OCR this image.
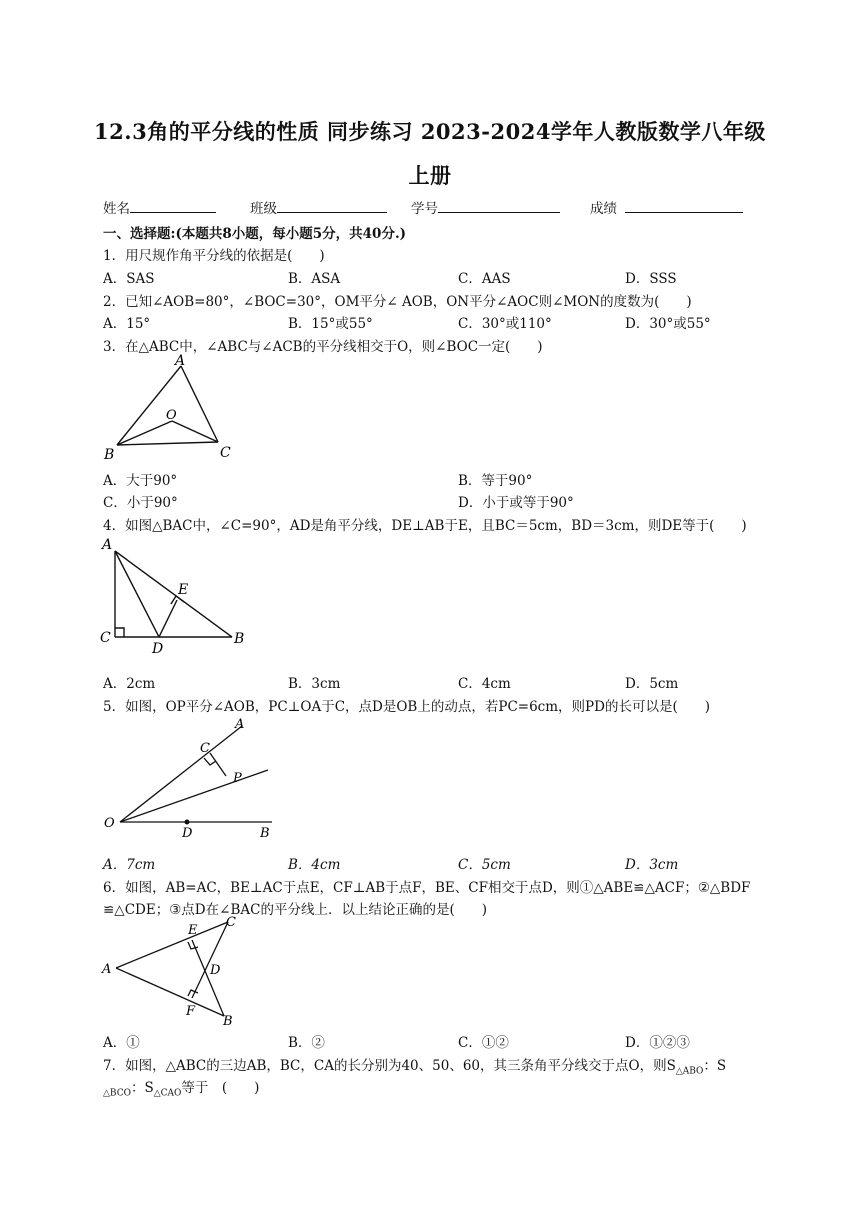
12.3角的平分线的性质 同步练习 2023-2024学年人教版数学八年级
上册
姓名	班级	学号	成绩
一、选择题:(本题共8小题，每小题5分，共40分.)
1．用尺规作角平分线的依据是(　　)
A．SAS	B．ASA	C．AAS	D．SSS
2．已知∠AOB=80°，∠BOC=30°，OM平分∠ AOB，ON平分∠AOC则∠MON的度数为(　　)
A．15°	B．15°或55°	C．30°或110°	D．30°或55°
3．在△ABC中，∠ABC与∠ACB的平分线相交于O，则∠BOC一定(　　)
A
O
B	C
A．大于90°	B．等于90°
C．小于90°	D．小于或等于90°
4．如图△BAC中，∠C=90°，AD是角平分线，DE⊥AB于E，且BC＝5cm，BD＝3cm，则DE等于(　　)
A
E
C
D
B
A．2cm	B．3cm	C．4cm	D．5cm
5．如图，OP平分∠AOB，PC⊥OA于C，点D是OB上的动点，若PC=6cm，则PD的长可以是(　　)
A
C
P
O
D	B
A．7cm	B．4cm	C．5cm	D．3cm
6．如图，AB=AC，BE⊥AC于点E，CF⊥AB于点F，BE、CF相交于点D，则①△ABE≌△ACF；②△BDF
≌△CDE；③点D在∠BAC的平分线上．以上结论正确的是(　　)
E
C
A	D
F
B
A．①	B．②	C．①②	D．①②③
7．如图，△ABC的三边AB，BC，CA的长分别为40、50、60，其三条角平分线交于点O，则$S_{\triangle ABO}$：S
$_{\triangle BCO}$：$S_{\triangle CAO}$等于　(　　)
